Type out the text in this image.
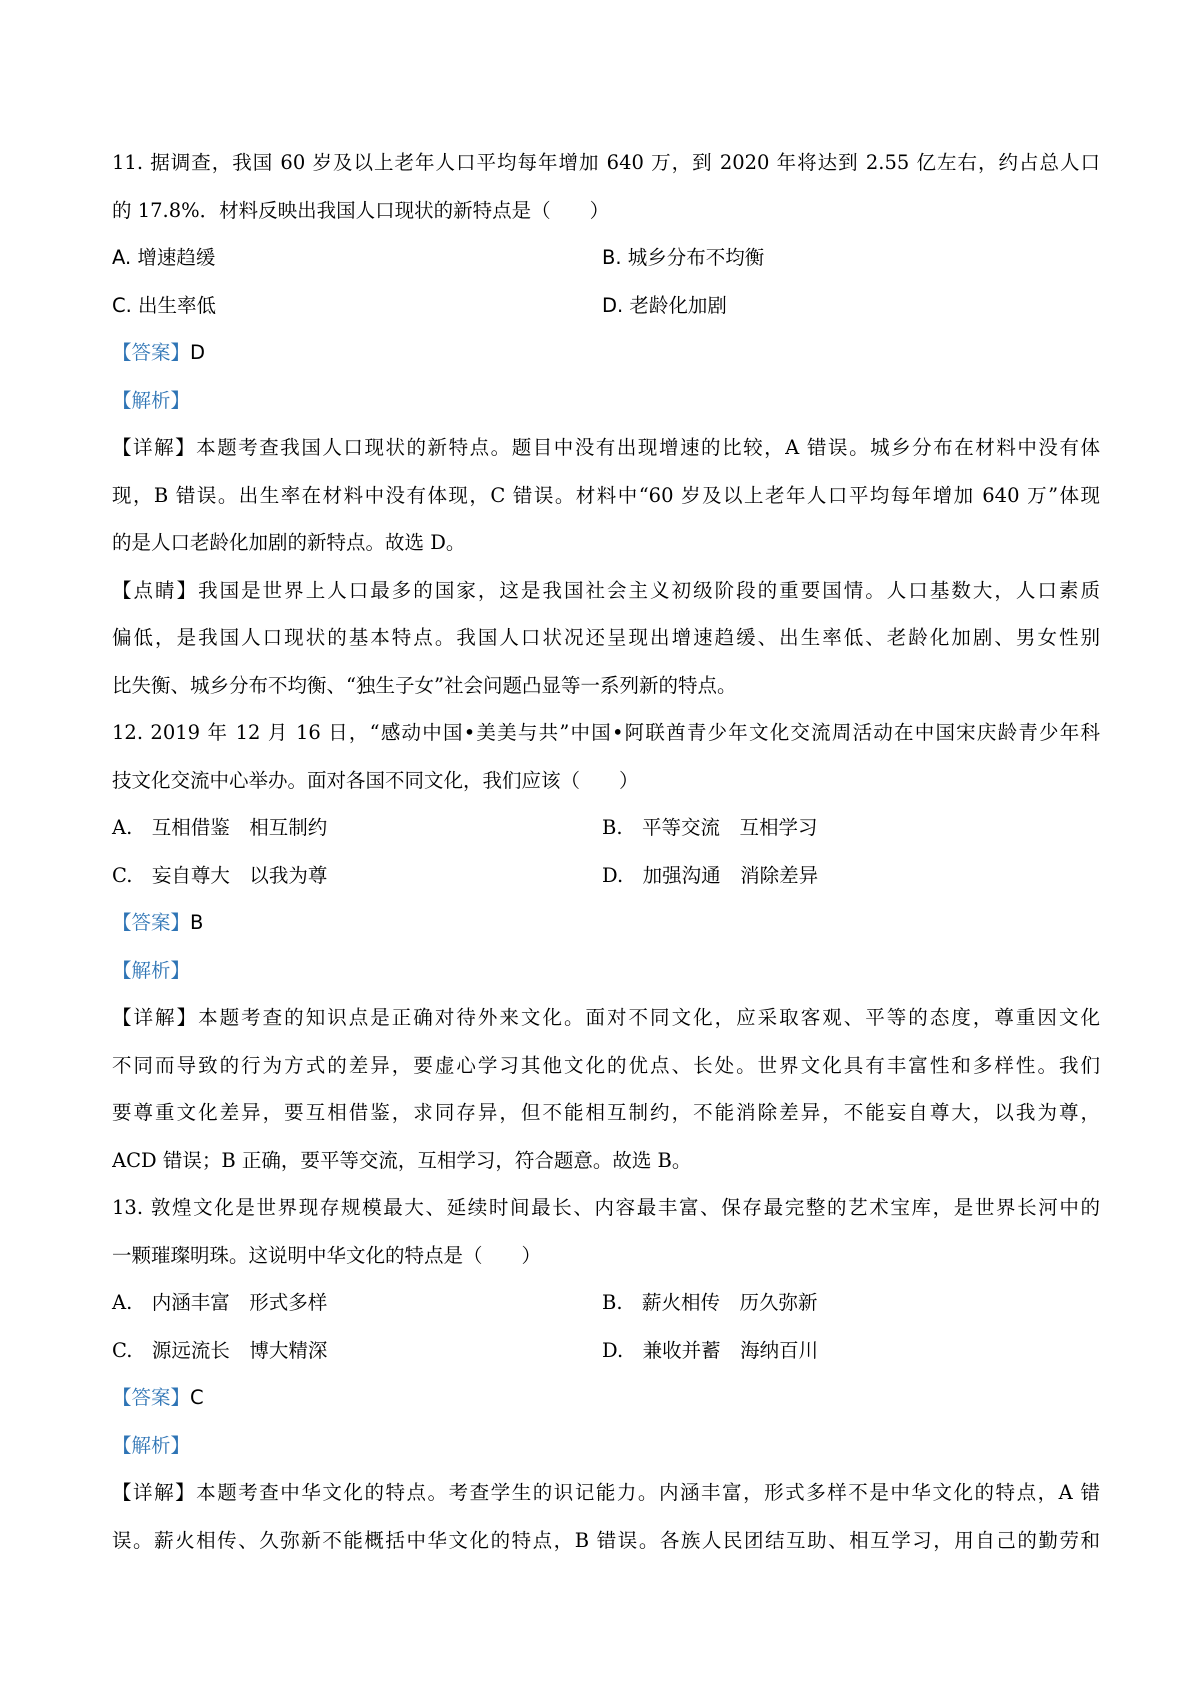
11. 据调查，我国 60 岁及以上老年人口平均每年增加 640 万，到 2020 年将达到 2.55 亿左右，约占总人口
的 17.8%．材料反映出我国人口现状的新特点是（　　）
A. 增速趋缓	B. 城乡分布不均衡
C. 出生率低	D. 老龄化加剧
【答案】D
【解析】
【详解】本题考查我国人口现状的新特点。题目中没有出现增速的比较，A 错误。城乡分布在材料中没有体
现，B 错误。出生率在材料中没有体现，C 错误。材料中“60 岁及以上老年人口平均每年增加 640 万”体现
的是人口老龄化加剧的新特点。故选 D。
【点睛】我国是世界上人口最多的国家，这是我国社会主义初级阶段的重要国情。人口基数大，人口素质
偏低，是我国人口现状的基本特点。我国人口状况还呈现出增速趋缓、出生率低、老龄化加剧、男女性别
比失衡、城乡分布不均衡、“独生子女”社会问题凸显等一系列新的特点。
12. 2019 年 12 月 16 日，“感动中国•美美与共”中国•阿联酋青少年文化交流周活动在中国宋庆龄青少年科
技文化交流中心举办。面对各国不同文化，我们应该（　　）
A.　互相借鉴　相互制约	B.　平等交流　互相学习
C.　妄自尊大　以我为尊	D.　加强沟通　消除差异
【答案】B
【解析】
【详解】本题考查的知识点是正确对待外来文化。面对不同文化，应采取客观、平等的态度，尊重因文化
不同而导致的行为方式的差异，要虚心学习其他文化的优点、长处。世界文化具有丰富性和多样性。我们
要尊重文化差异，要互相借鉴，求同存异，但不能相互制约，不能消除差异，不能妄自尊大，以我为尊，
ACD 错误；B 正确，要平等交流，互相学习，符合题意。故选 B。
13. 敦煌文化是世界现存规模最大、延续时间最长、内容最丰富、保存最完整的艺术宝库，是世界长河中的
一颗璀璨明珠。这说明中华文化的特点是（　　）
A.　内涵丰富　形式多样	B.　薪火相传　历久弥新
C.　源远流长　博大精深	D.　兼收并蓄　海纳百川
【答案】C
【解析】
【详解】本题考查中华文化的特点。考查学生的识记能力。内涵丰富，形式多样不是中华文化的特点，A 错
误。薪火相传、久弥新不能概括中华文化的特点，B 错误。各族人民团结互助、相互学习，用自己的勤劳和
